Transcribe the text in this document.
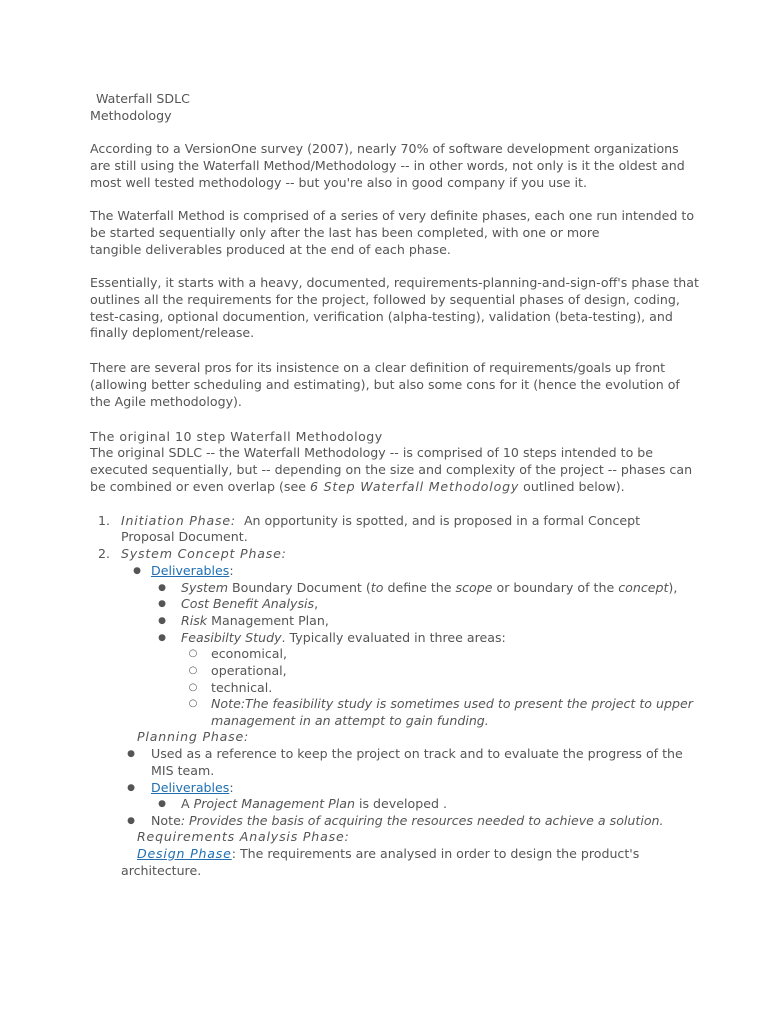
Waterfall SDLC
Methodology

According to a VersionOne survey (2007), nearly 70% of software development organizations
are still using the Waterfall Method/Methodology -- in other words, not only is it the oldest and
most well tested methodology -- but you're also in good company if you use it.

The Waterfall Method is comprised of a series of very definite phases, each one run intended to
be started sequentially only after the last has been completed, with one or more
tangible deliverables produced at the end of each phase.

Essentially, it starts with a heavy, documented, requirements-planning-and-sign-off's phase that
outlines all the requirements for the project, followed by sequential phases of design, coding,
test-casing, optional documention, verification (alpha-testing), validation (beta-testing), and
finally deploment/release.

There are several pros for its insistence on a clear definition of requirements/goals up front
(allowing better scheduling and estimating), but also some cons for it (hence the evolution of
the Agile methodology).

The original 10 step Waterfall Methodology

The original SDLC -- the Waterfall Methodology -- is comprised of 10 steps intended to be
executed sequentially, but -- depending on the size and complexity of the project -- phases can
be combined or even overlap (see 6 Step Waterfall Methodology outlined below).

1. Initiation Phase: An opportunity is spotted, and is proposed in a formal Concept
Proposal Document.
2. System Concept Phase:
● Deliverables:
● System Boundary Document (to define the scope or boundary of the concept),
● Cost Benefit Analysis,
● Risk Management Plan,
● Feasibilty Study. Typically evaluated in three areas:
○ economical,
○ operational,
○ technical.
○ Note:The feasibility study is sometimes used to present the project to upper
management in an attempt to gain funding.
Planning Phase:
● Used as a reference to keep the project on track and to evaluate the progress of the
MIS team.
● Deliverables:
● A Project Management Plan is developed .
● Note: Provides the basis of acquiring the resources needed to achieve a solution.
Requirements Analysis Phase:
Design Phase: The requirements are analysed in order to design the product's
architecture.
